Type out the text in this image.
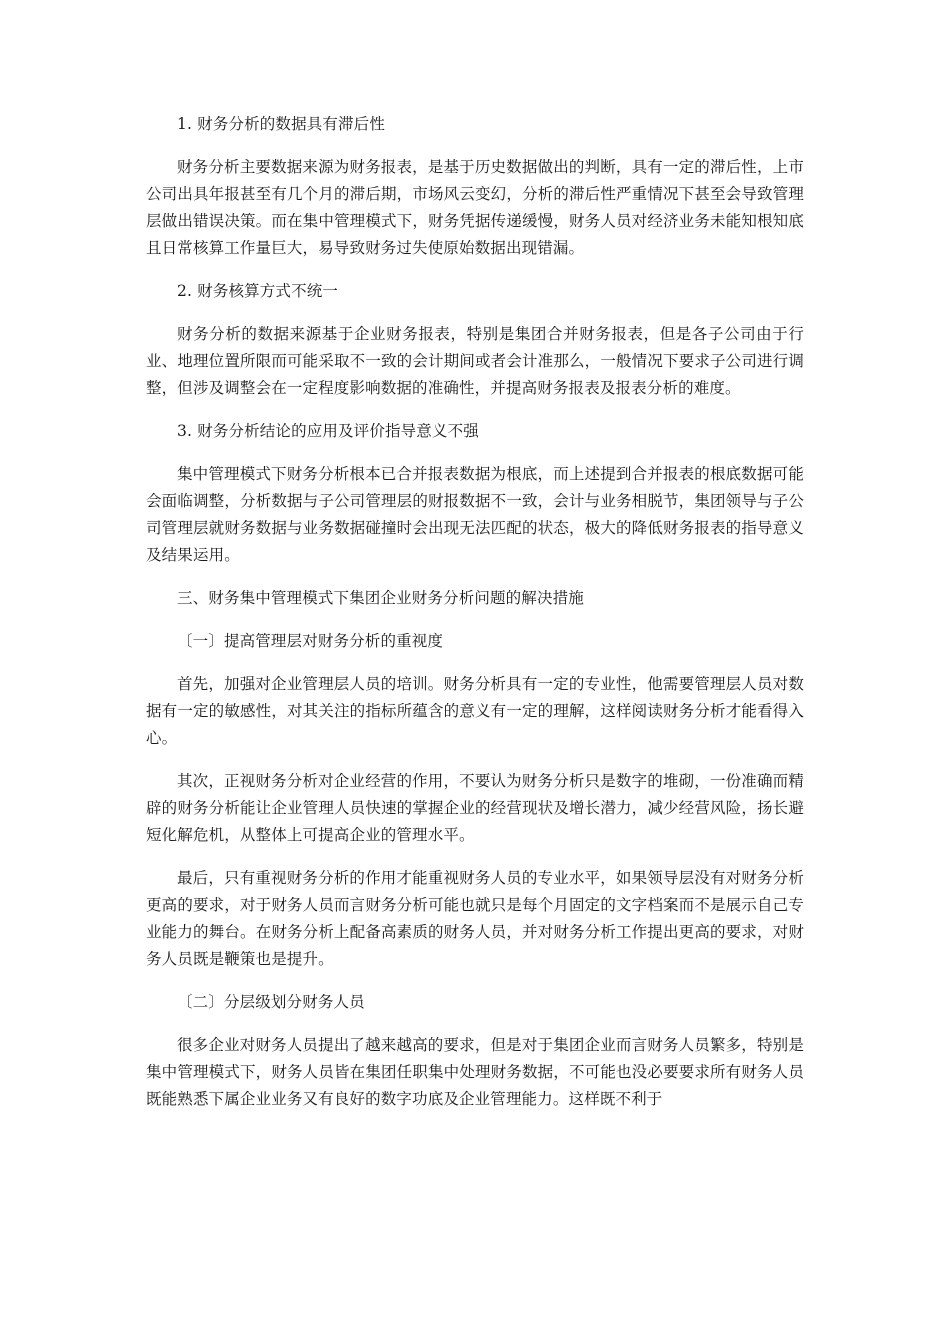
1. 财务分析的数据具有滞后性

财务分析主要数据来源为财务报表，是基于历史数据做出的判断，具有一定的滞后性，上市公司出具年报甚至有几个月的滞后期，市场风云变幻，分析的滞后性严重情况下甚至会导致管理层做出错误决策。而在集中管理模式下，财务凭据传递缓慢，财务人员对经济业务未能知根知底且日常核算工作量巨大，易导致财务过失使原始数据出现错漏。

2. 财务核算方式不统一

财务分析的数据来源基于企业财务报表，特别是集团合并财务报表，但是各子公司由于行业、地理位置所限而可能采取不一致的会计期间或者会计准那么，一般情况下要求子公司进行调整，但涉及调整会在一定程度影响数据的准确性，并提高财务报表及报表分析的难度。

3. 财务分析结论的应用及评价指导意义不强

集中管理模式下财务分析根本已合并报表数据为根底，而上述提到合并报表的根底数据可能会面临调整，分析数据与子公司管理层的财报数据不一致，会计与业务相脱节，集团领导与子公司管理层就财务数据与业务数据碰撞时会出现无法匹配的状态，极大的降低财务报表的指导意义及结果运用。

三、财务集中管理模式下集团企业财务分析问题的解决措施

〔一〕提高管理层对财务分析的重视度

首先，加强对企业管理层人员的培训。财务分析具有一定的专业性，他需要管理层人员对数据有一定的敏感性，对其关注的指标所蕴含的意义有一定的理解，这样阅读财务分析才能看得入心。

其次，正视财务分析对企业经营的作用，不要认为财务分析只是数字的堆砌，一份准确而精辟的财务分析能让企业管理人员快速的掌握企业的经营现状及增长潜力，减少经营风险，扬长避短化解危机，从整体上可提高企业的管理水平。

最后，只有重视财务分析的作用才能重视财务人员的专业水平，如果领导层没有对财务分析更高的要求，对于财务人员而言财务分析可能也就只是每个月固定的文字档案而不是展示自己专业能力的舞台。在财务分析上配备高素质的财务人员，并对财务分析工作提出更高的要求，对财务人员既是鞭策也是提升。

〔二〕分层级划分财务人员

很多企业对财务人员提出了越来越高的要求，但是对于集团企业而言财务人员繁多，特别是集中管理模式下，财务人员皆在集团任职集中处理财务数据，不可能也没必要要求所有财务人员既能熟悉下属企业业务又有良好的数字功底及企业管理能力。这样既不利于
